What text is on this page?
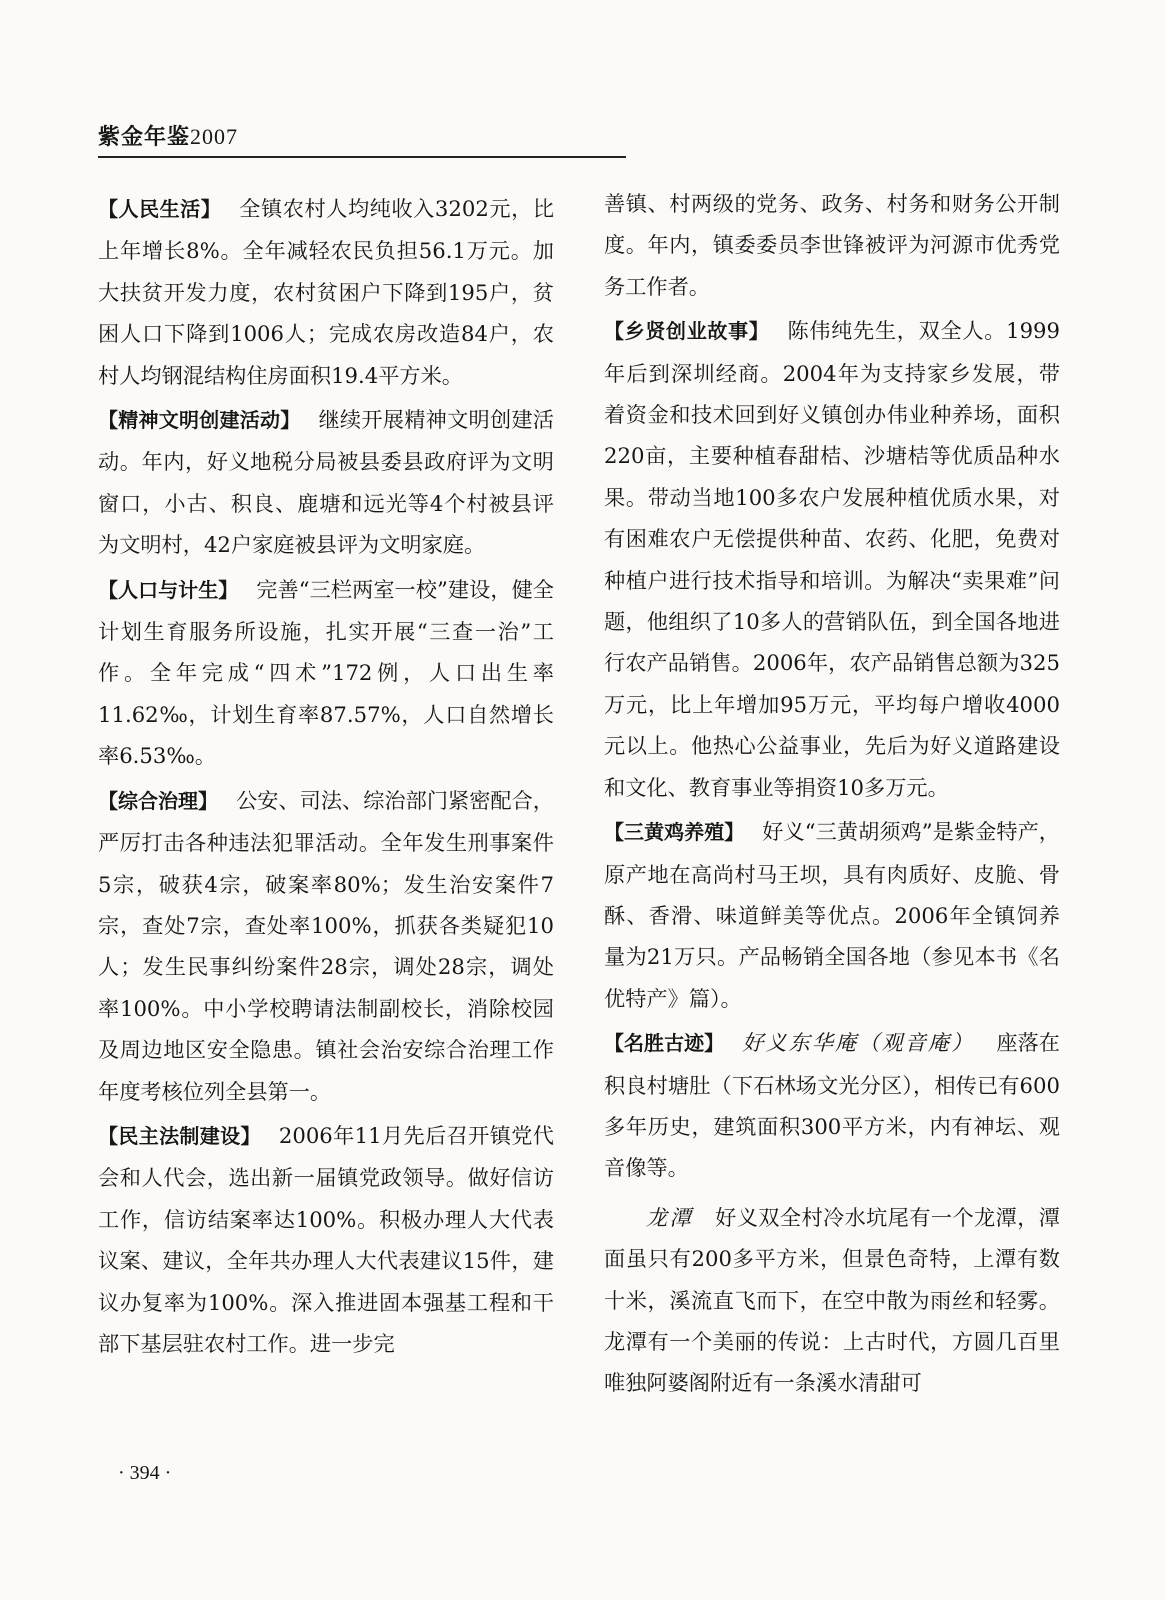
紫金年鉴2007

【人民生活】 全镇农村人均纯收入3202元，比上年增长8%。全年减轻农民负担56.1万元。加大扶贫开发力度，农村贫困户下降到195户，贫困人口下降到1006人；完成农房改造84户，农村人均钢混结构住房面积19.4平方米。

【精神文明创建活动】 继续开展精神文明创建活动。年内，好义地税分局被县委县政府评为文明窗口，小古、积良、鹿塘和远光等4个村被县评为文明村，42户家庭被县评为文明家庭。

【人口与计生】 完善“三栏两室一校”建设，健全计划生育服务所设施，扎实开展“三查一治”工作。全年完成“四术”172例，人口出生率11.62‰，计划生育率87.57%，人口自然增长率6.53‰。

【综合治理】 公安、司法、综治部门紧密配合，严厉打击各种违法犯罪活动。全年发生刑事案件5宗，破获4宗，破案率80%；发生治安案件7宗，查处7宗，查处率100%，抓获各类疑犯10人；发生民事纠纷案件28宗，调处28宗，调处率100%。中小学校聘请法制副校长，消除校园及周边地区安全隐患。镇社会治安综合治理工作年度考核位列全县第一。

【民主法制建设】 2006年11月先后召开镇党代会和人代会，选出新一届镇党政领导。做好信访工作，信访结案率达100%。积极办理人大代表议案、建议，全年共办理人大代表建议15件，建议办复率为100%。深入推进固本强基工程和干部下基层驻农村工作。进一步完

善镇、村两级的党务、政务、村务和财务公开制度。年内，镇委委员李世锋被评为河源市优秀党务工作者。

【乡贤创业故事】 陈伟纯先生，双全人。1999年后到深圳经商。2004年为支持家乡发展，带着资金和技术回到好义镇创办伟业种养场，面积220亩，主要种植春甜桔、沙塘桔等优质品种水果。带动当地100多农户发展种植优质水果，对有困难农户无偿提供种苗、农药、化肥，免费对种植户进行技术指导和培训。为解决“卖果难”问题，他组织了10多人的营销队伍，到全国各地进行农产品销售。2006年，农产品销售总额为325万元，比上年增加95万元，平均每户增收4000元以上。他热心公益事业，先后为好义道路建设和文化、教育事业等捐资10多万元。

【三黄鸡养殖】 好义“三黄胡须鸡”是紫金特产，原产地在高尚村马王坝，具有肉质好、皮脆、骨酥、香滑、味道鲜美等优点。2006年全镇饲养量为21万只。产品畅销全国各地（参见本书《名优特产》篇）。

【名胜古迹】 好义东华庵（观音庵） 座落在积良村塘肚（下石林场文光分区），相传已有600多年历史，建筑面积300平方米，内有神坛、观音像等。

龙潭 好义双全村冷水坑尾有一个龙潭，潭面虽只有200多平方米，但景色奇特，上潭有数十米，溪流直飞而下，在空中散为雨丝和轻雾。龙潭有一个美丽的传说：上古时代，方圆几百里唯独阿婆阁附近有一条溪水清甜可

· 394 ·
